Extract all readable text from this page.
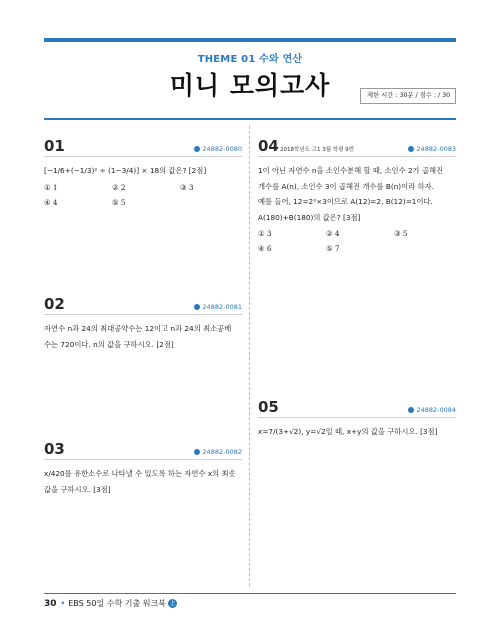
THEME 01 수와 연산
미니 모의고사	제한 시간 : 30분 / 점수 : / 30
01	24882-0080
[−1/6+(−1/3)² ÷ (1−3/4)] × 18의 값은? [2점]
① 1	② 2	③ 3
④ 4	⑤ 5
02	24882-0081
자연수 n과 24의 최대공약수는 12이고 n과 24의 최소공배
수는 720이다. n의 값을 구하시오. [2점]
03	24882-0082
x/420를 유한소수로 나타낼 수 있도록 하는 자연수 x의 최솟
값을 구하시오. [3점]
04 2018학년도 고1 3월 학평 9번	24882-0083
1이 아닌 자연수 n을 소인수분해 할 때, 소인수 2가 곱해진
개수를 A(n), 소인수 3이 곱해진 개수를 B(n)이라 하자.
예를 들어, 12=2²×3이므로 A(12)=2, B(12)=1이다.
A(180)+B(180)의 값은? [3점]
① 3	② 4	③ 5
④ 6	⑤ 7
05	24882-0084
x=7/(3+√2), y=√2일 때, x+y의 값을 구하시오. [3점]
30 • EBS 50일 수학 기출 워크북 上
